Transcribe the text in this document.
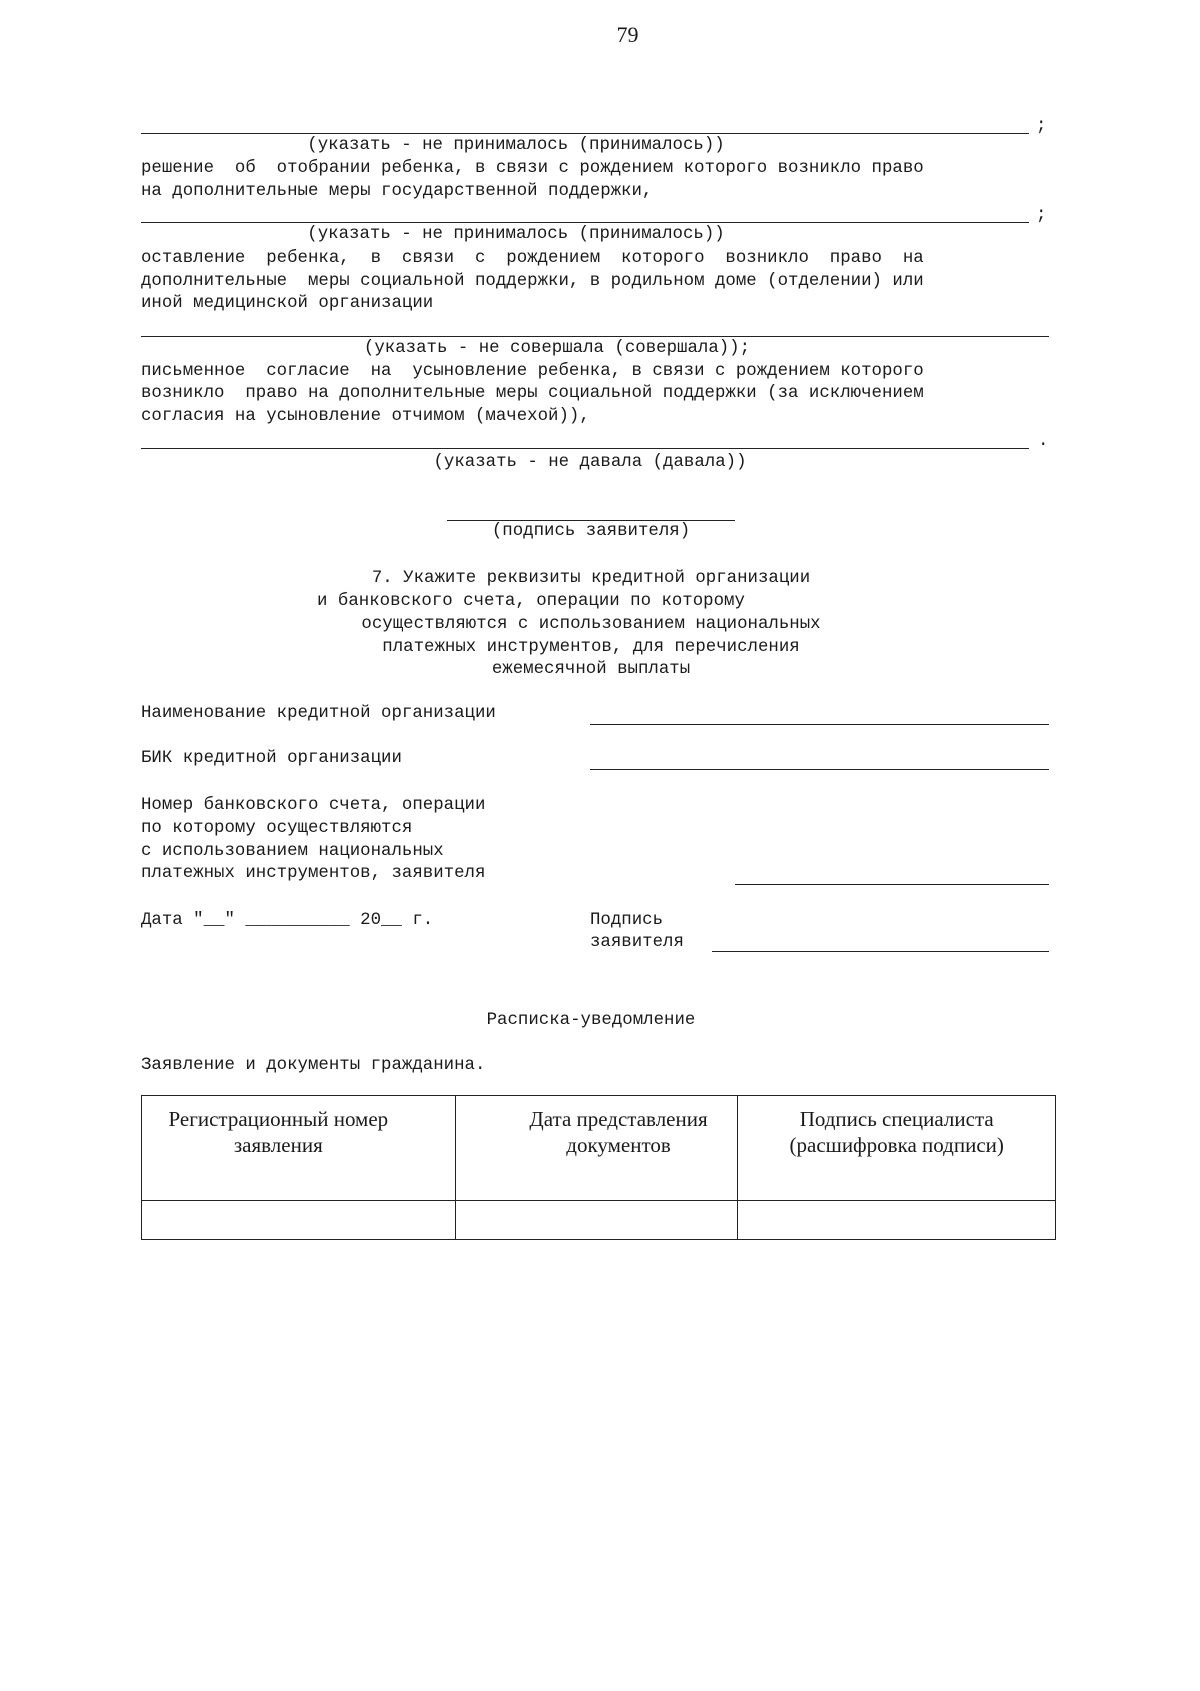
79
;
(указать - не принималось (принималось))
решение  об  отобрании ребенка, в связи с рождением которого возникло право
на дополнительные меры государственной поддержки,
;
(указать - не принималось (принималось))
оставление  ребенка,  в  связи  с  рождением  которого  возникло  право  на
дополнительные  меры социальной поддержки, в родильном доме (отделении) или
иной медицинской организации
(указать - не совершала (совершала));
письменное  согласие  на  усыновление ребенка, в связи с рождением которого
возникло  право на дополнительные меры социальной поддержки (за исключением
согласия на усыновление отчимом (мачехой)),
.
(указать - не давала (давала))
(подпись заявителя)
7. Укажите реквизиты кредитной организации
и банковского счета, операции по которому
осуществляются с использованием национальных
платежных инструментов, для перечисления
ежемесячной выплаты
Наименование кредитной организации
БИК кредитной организации
Номер банковского счета, операции
по которому осуществляются
с использованием национальных
платежных инструментов, заявителя
Дата "__" __________ 20__ г.	Подпись
заявителя
Расписка-уведомление
Заявление и документы гражданина.
Регистрационный номер заявления	Дата представления документов	Подпись специалиста (расшифровка подписи)
